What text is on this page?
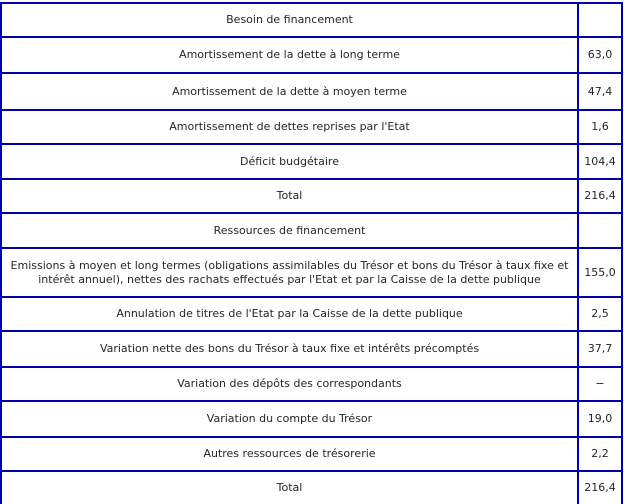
Besoin de financement	
Amortissement de la dette à long terme	63,0
Amortissement de la dette à moyen terme	47,4
Amortissement de dettes reprises par l'Etat	1,6
Déficit budgétaire	104,4
Total	216,4
Ressources de financement	
Emissions à moyen et long termes (obligations assimilables du Trésor et bons du Trésor à taux fixe et intérêt annuel), nettes des rachats effectués par l'Etat et par la Caisse de la dette publique	155,0
Annulation de titres de l'Etat par la Caisse de la dette publique	2,5
Variation nette des bons du Trésor à taux fixe et intérêts précomptés	37,7
Variation des dépôts des correspondants	−
Variation du compte du Trésor	19,0
Autres ressources de trésorerie	2,2
Total	216,4
